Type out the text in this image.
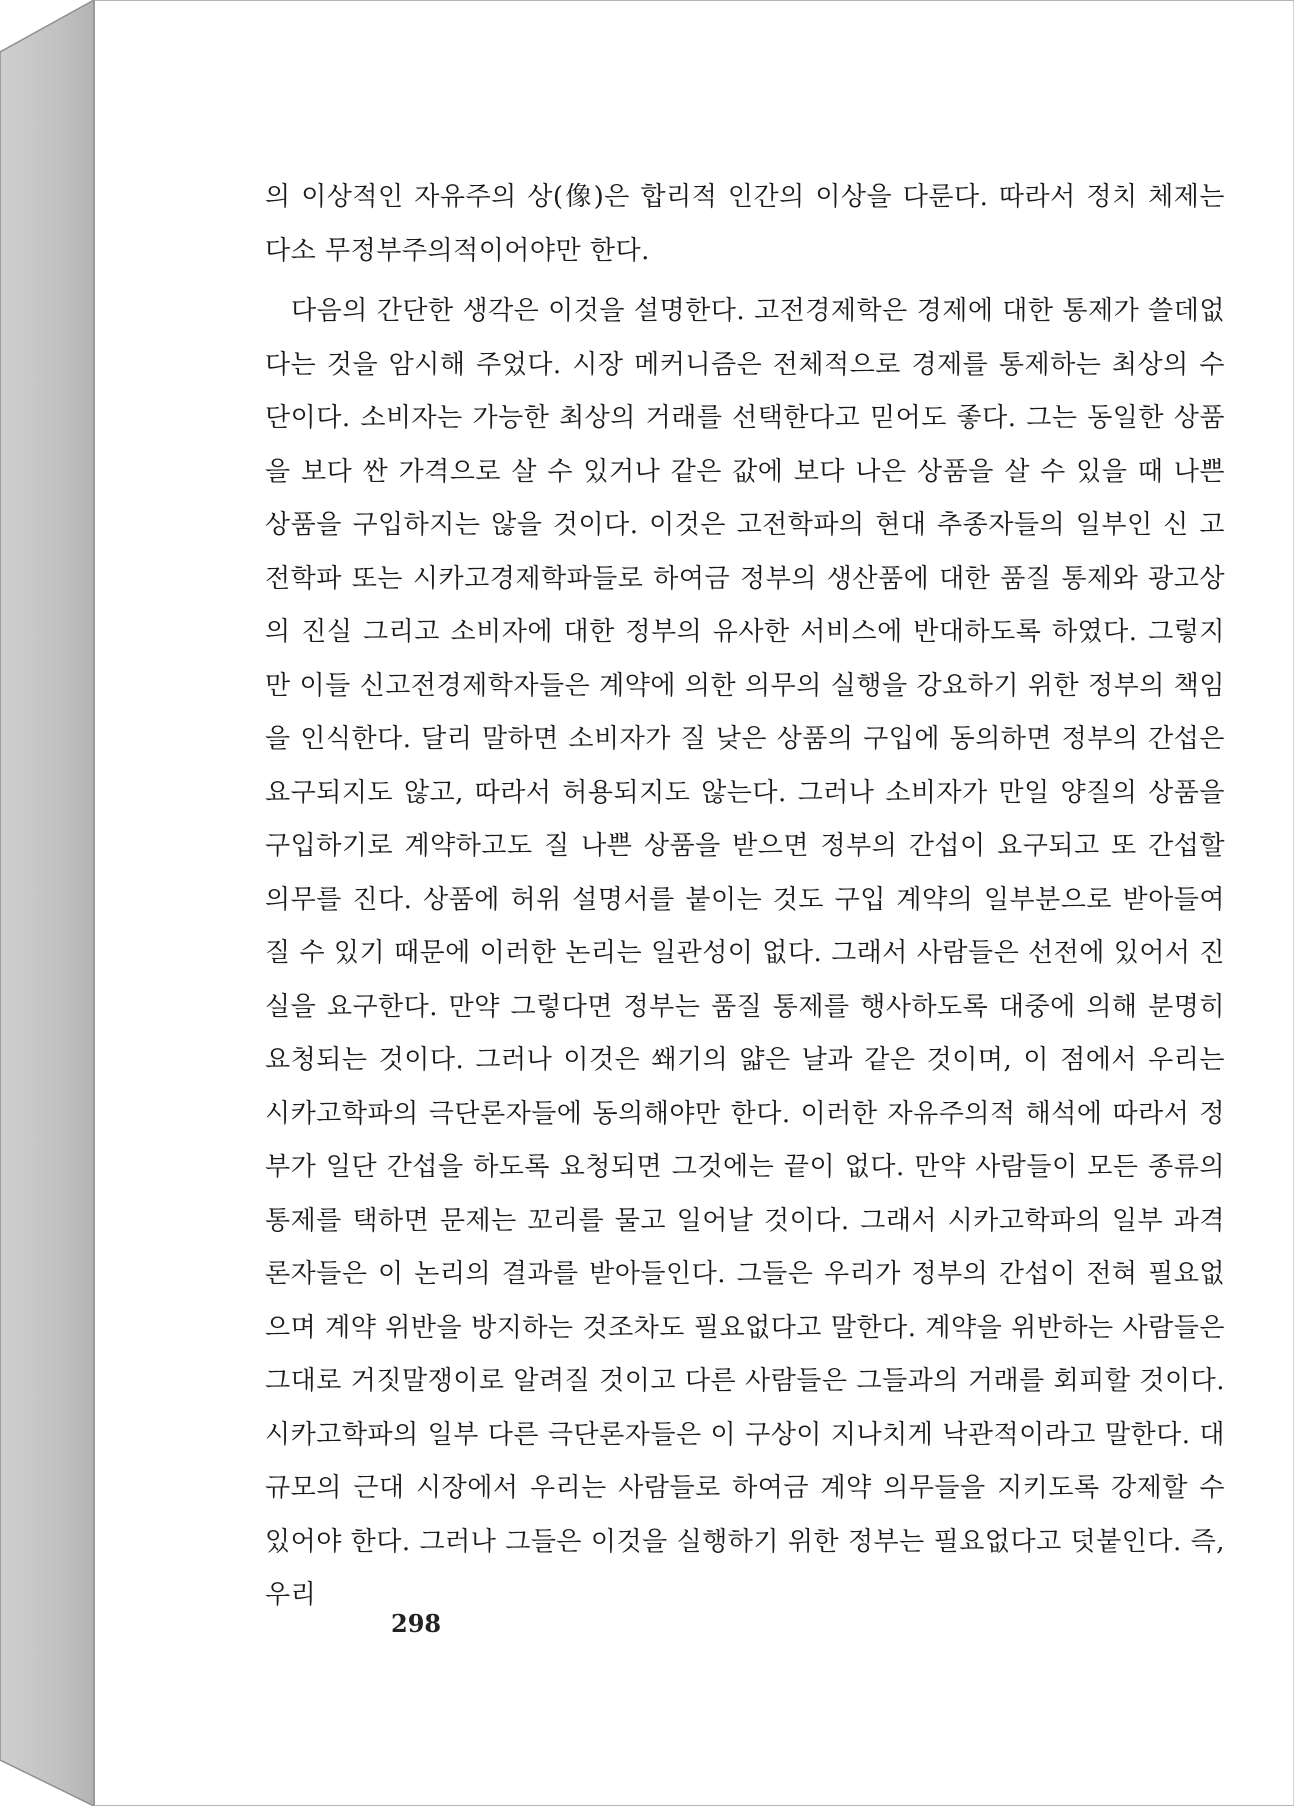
의 이상적인 자유주의 상(像)은 합리적 인간의 이상을 다룬다. 따라서 정치 체제는 다소 무정부주의적이어야만 한다.

다음의 간단한 생각은 이것을 설명한다. 고전경제학은 경제에 대한 통제가 쓸데없다는 것을 암시해 주었다. 시장 메커니즘은 전체적으로 경제를 통제하는 최상의 수단이다. 소비자는 가능한 최상의 거래를 선택한다고 믿어도 좋다. 그는 동일한 상품을 보다 싼 가격으로 살 수 있거나 같은 값에 보다 나은 상품을 살 수 있을 때 나쁜 상품을 구입하지는 않을 것이다. 이것은 고전학파의 현대 추종자들의 일부인 신 고전학파 또는 시카고경제학파들로 하여금 정부의 생산품에 대한 품질 통제와 광고상의 진실 그리고 소비자에 대한 정부의 유사한 서비스에 반대하도록 하였다. 그렇지만 이들 신고전경제학자들은 계약에 의한 의무의 실행을 강요하기 위한 정부의 책임을 인식한다. 달리 말하면 소비자가 질 낮은 상품의 구입에 동의하면 정부의 간섭은 요구되지도 않고, 따라서 허용되지도 않는다. 그러나 소비자가 만일 양질의 상품을 구입하기로 계약하고도 질 나쁜 상품을 받으면 정부의 간섭이 요구되고 또 간섭할 의무를 진다. 상품에 허위 설명서를 붙이는 것도 구입 계약의 일부분으로 받아들여질 수 있기 때문에 이러한 논리는 일관성이 없다. 그래서 사람들은 선전에 있어서 진실을 요구한다. 만약 그렇다면 정부는 품질 통제를 행사하도록 대중에 의해 분명히 요청되는 것이다. 그러나 이것은 쐐기의 얇은 날과 같은 것이며, 이 점에서 우리는 시카고학파의 극단론자들에 동의해야만 한다. 이러한 자유주의적 해석에 따라서 정부가 일단 간섭을 하도록 요청되면 그것에는 끝이 없다. 만약 사람들이 모든 종류의 통제를 택하면 문제는 꼬리를 물고 일어날 것이다. 그래서 시카고학파의 일부 과격론자들은 이 논리의 결과를 받아들인다. 그들은 우리가 정부의 간섭이 전혀 필요없으며 계약 위반을 방지하는 것조차도 필요없다고 말한다. 계약을 위반하는 사람들은 그대로 거짓말쟁이로 알려질 것이고 다른 사람들은 그들과의 거래를 회피할 것이다. 시카고학파의 일부 다른 극단론자들은 이 구상이 지나치게 낙관적이라고 말한다. 대규모의 근대 시장에서 우리는 사람들로 하여금 계약 의무들을 지키도록 강제할 수 있어야 한다. 그러나 그들은 이것을 실행하기 위한 정부는 필요없다고 덧붙인다. 즉, 우리

298
